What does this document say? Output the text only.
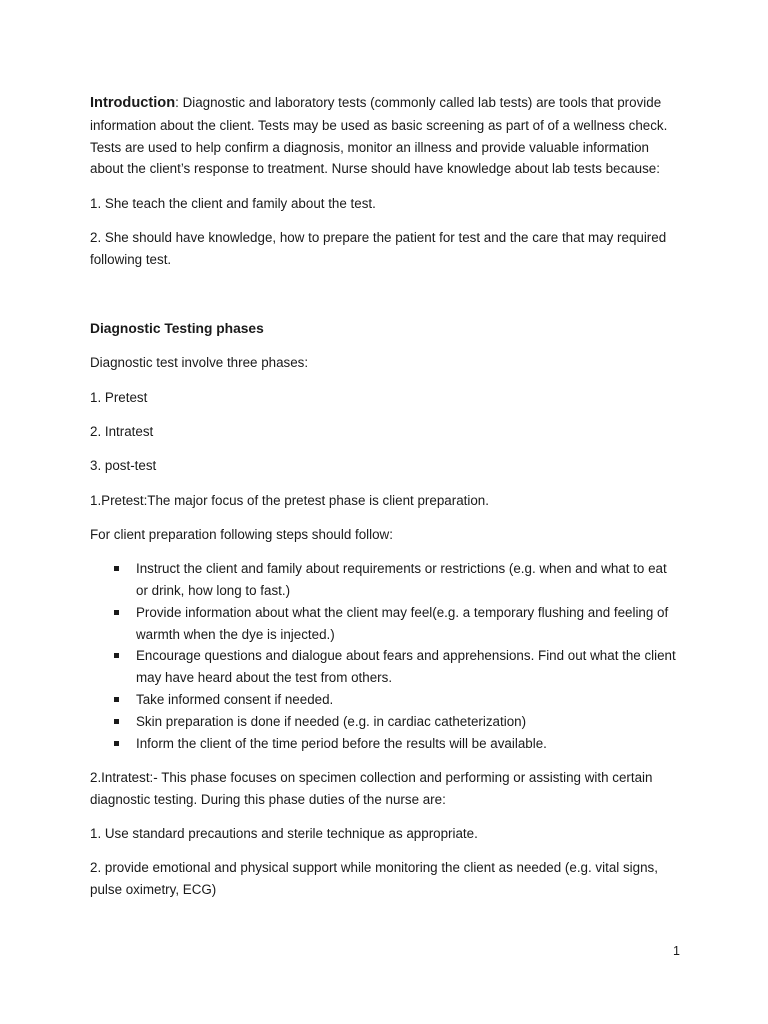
Introduction: Diagnostic and laboratory tests (commonly called lab tests) are tools that provide information about the client. Tests may be used as basic screening as part of of a wellness check. Tests are used to help confirm a diagnosis, monitor an illness and provide valuable information about the client’s response to treatment. Nurse should have knowledge about lab tests because:

1. She teach the client and family about the test.

2. She should have knowledge, how to prepare the patient for test and the care that may required following test.

Diagnostic Testing phases

Diagnostic test involve three phases:

1. Pretest

2. Intratest

3. post-test

1.Pretest:The major focus of the pretest phase is client preparation.

For client preparation following steps should follow:

Instruct the client and family about requirements or restrictions (e.g. when and what to eat or drink, how long to fast.)
Provide information about what the client may feel(e.g. a temporary flushing and feeling of warmth when the dye is injected.)
Encourage questions and dialogue about fears and apprehensions. Find out what the client may have heard about the test from others.
Take informed consent if needed.
Skin preparation is done if needed (e.g. in cardiac catheterization)
Inform the client of the time period before the results will be available.

2.Intratest:- This phase focuses on specimen collection and performing or assisting with certain diagnostic testing. During this phase duties of the nurse are:

1. Use standard precautions and sterile technique as appropriate.

2. provide emotional and physical support while monitoring the client as needed (e.g. vital signs, pulse oximetry, ECG)

1
